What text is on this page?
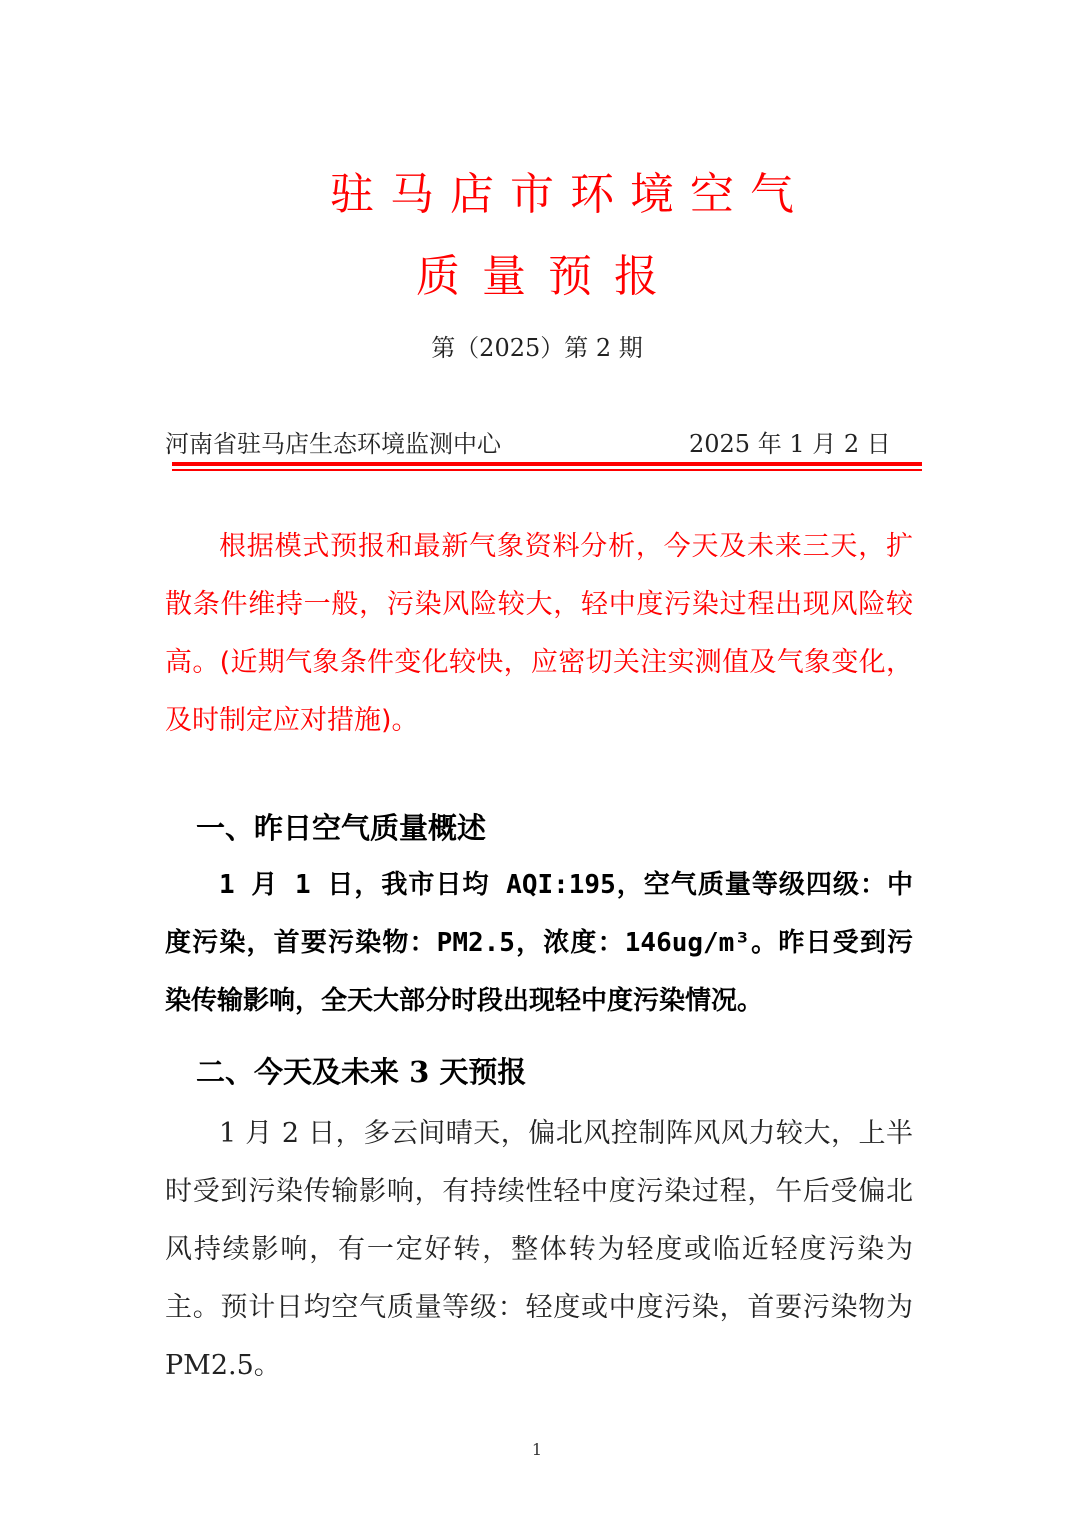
驻马店市环境空气
质量预报
第（2025）第 2 期
河南省驻马店生态环境监测中心	2025 年 1 月 2 日

根据模式预报和最新气象资料分析，今天及未来三天，扩散条件维持一般，污染风险较大，轻中度污染过程出现风险较高。(近期气象条件变化较快，应密切关注实测值及气象变化，及时制定应对措施)。

一、昨日空气质量概述

1 月 1 日，我市日均 AQI:195，空气质量等级四级：中度污染，首要污染物：PM2.5，浓度：146ug/m³。昨日受到污染传输影响，全天大部分时段出现轻中度污染情况。

二、今天及未来 3 天预报

1 月 2 日，多云间晴天，偏北风控制阵风风力较大，上半时受到污染传输影响，有持续性轻中度污染过程，午后受偏北风持续影响，有一定好转，整体转为轻度或临近轻度污染为主。预计日均空气质量等级：轻度或中度污染，首要污染物为 PM2.5。

1
